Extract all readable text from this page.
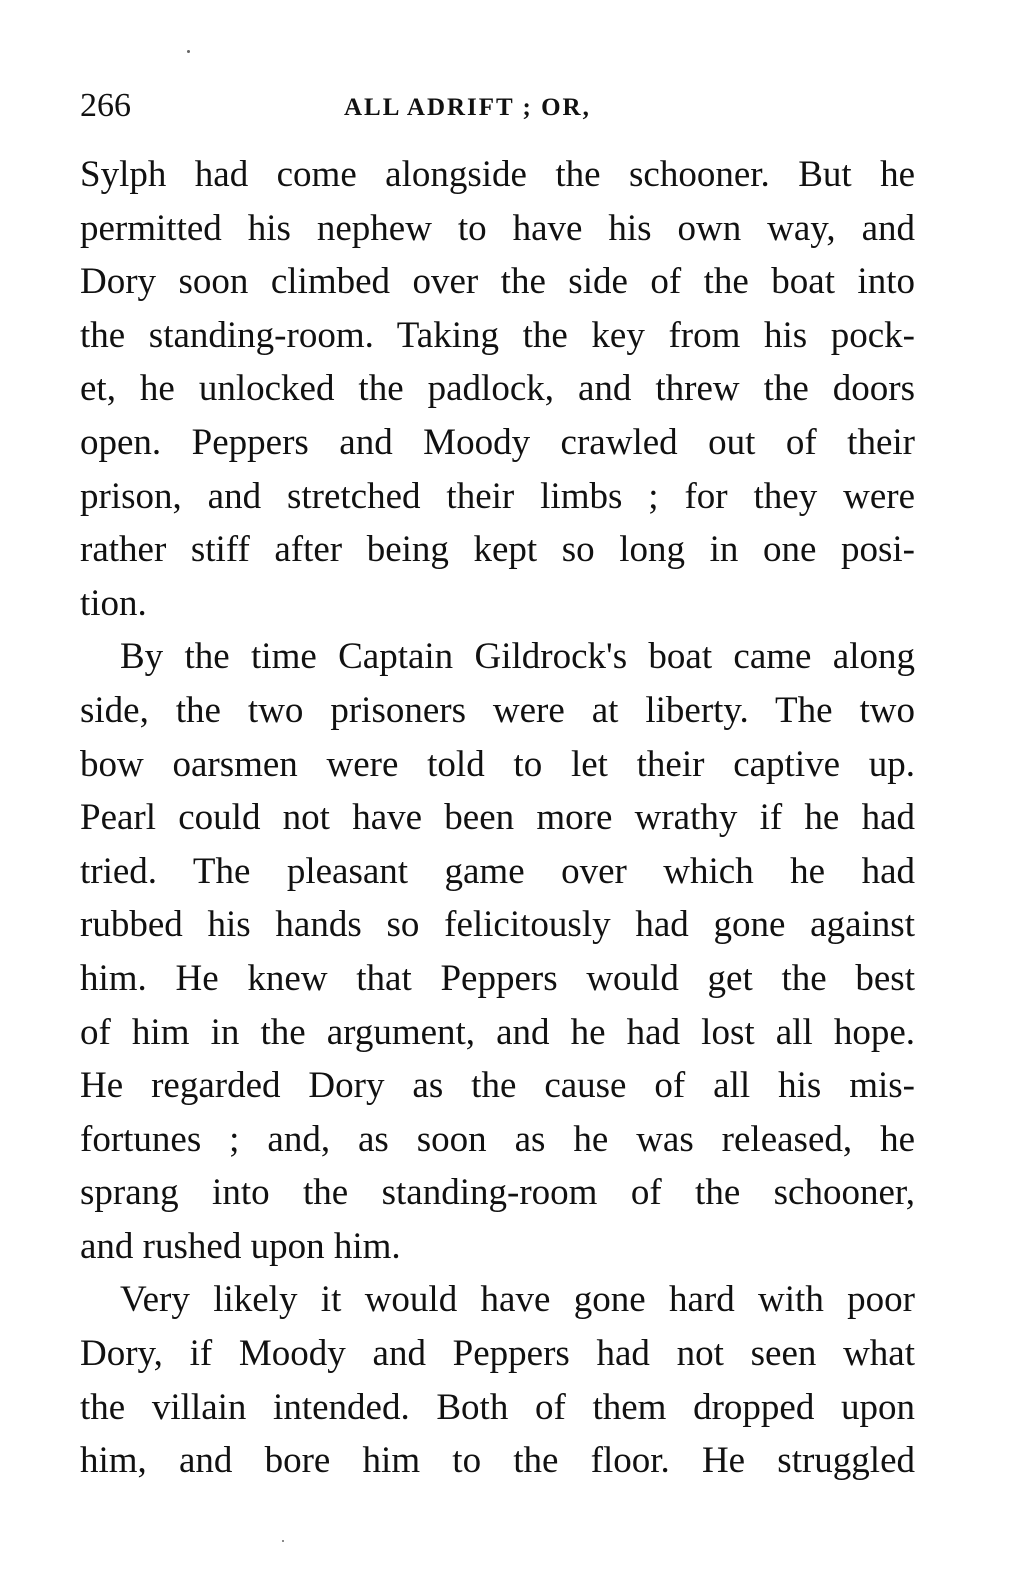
266	ALL ADRIFT ; OR,

Sylph had come alongside the schooner. But he

permitted his nephew to have his own way, and

Dory soon climbed over the side of the boat into

the standing-room. Taking the key from his pock-

et, he unlocked the padlock, and threw the doors

open. Peppers and Moody crawled out of their

prison, and stretched their limbs ; for they were

rather stiff after being kept so long in one posi-

tion.

By the time Captain Gildrock's boat came along

side, the two prisoners were at liberty. The two

bow oarsmen were told to let their captive up.

Pearl could not have been more wrathy if he had

tried. The pleasant game over which he had

rubbed his hands so felicitously had gone against

him. He knew that Peppers would get the best

of him in the argument, and he had lost all hope.

He regarded Dory as the cause of all his mis-

fortunes ; and, as soon as he was released, he

sprang into the standing-room of the schooner,

and rushed upon him.

Very likely it would have gone hard with poor

Dory, if Moody and Peppers had not seen what

the villain intended. Both of them dropped upon

him, and bore him to the floor. He struggled
